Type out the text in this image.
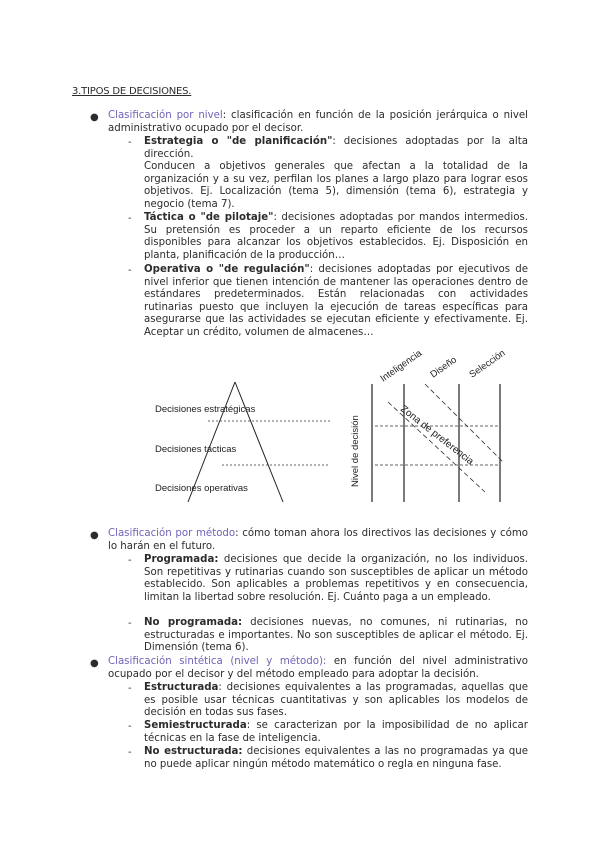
3.TIPOS DE DECISIONES.
● Clasificación por nivel: clasificación en función de la posición jerárquica o nivel administrativo ocupado por el decisor.
- Estrategia o "de planificación": decisiones adoptadas por la alta dirección.
Conducen a objetivos generales que afectan a la totalidad de la organización y a su vez, perfilan los planes a largo plazo para lograr esos objetivos. Ej. Localización (tema 5), dimensión (tema 6), estrategia y negocio (tema 7).
- Táctica o "de pilotaje": decisiones adoptadas por mandos intermedios. Su pretensión es proceder a un reparto eficiente de los recursos disponibles para alcanzar los objetivos establecidos. Ej. Disposición en planta, planificación de la producción…
- Operativa o "de regulación": decisiones adoptadas por ejecutivos de nivel inferior que tienen intención de mantener las operaciones dentro de estándares predeterminados. Están relacionadas con actividades rutinarias puesto que incluyen la ejecución de tareas específicas para asegurarse que las actividades se ejecutan eficiente y efectivamente. Ej. Aceptar un crédito, volumen de almacenes…
Decisiones estratégicas
Decisiones tácticas
Decisiones operativas
Nivel de decisión	Zona de preferencia
Inteligencia Diseño Selección
● Clasificación por método: cómo toman ahora los directivos las decisiones y cómo lo harán en el futuro.
- Programada: decisiones que decide la organización, no los individuos. Son repetitivas y rutinarias cuando son susceptibles de aplicar un método establecido. Son aplicables a problemas repetitivos y en consecuencia, limitan la libertad sobre resolución. Ej. Cuánto paga a un empleado.
- No programada: decisiones nuevas, no comunes, ni rutinarias, no estructuradas e importantes. No son susceptibles de aplicar el método. Ej. Dimensión (tema 6).
● Clasificación sintética (nivel y método): en función del nivel administrativo ocupado por el decisor y del método empleado para adoptar la decisión.
- Estructurada: decisiones equivalentes a las programadas, aquellas que es posible usar técnicas cuantitativas y son aplicables los modelos de decisión en todas sus fases.
- Semiestructurada: se caracterizan por la imposibilidad de no aplicar técnicas en la fase de inteligencia.
- No estructurada: decisiones equivalentes a las no programadas ya que no puede aplicar ningún método matemático o regla en ninguna fase.
